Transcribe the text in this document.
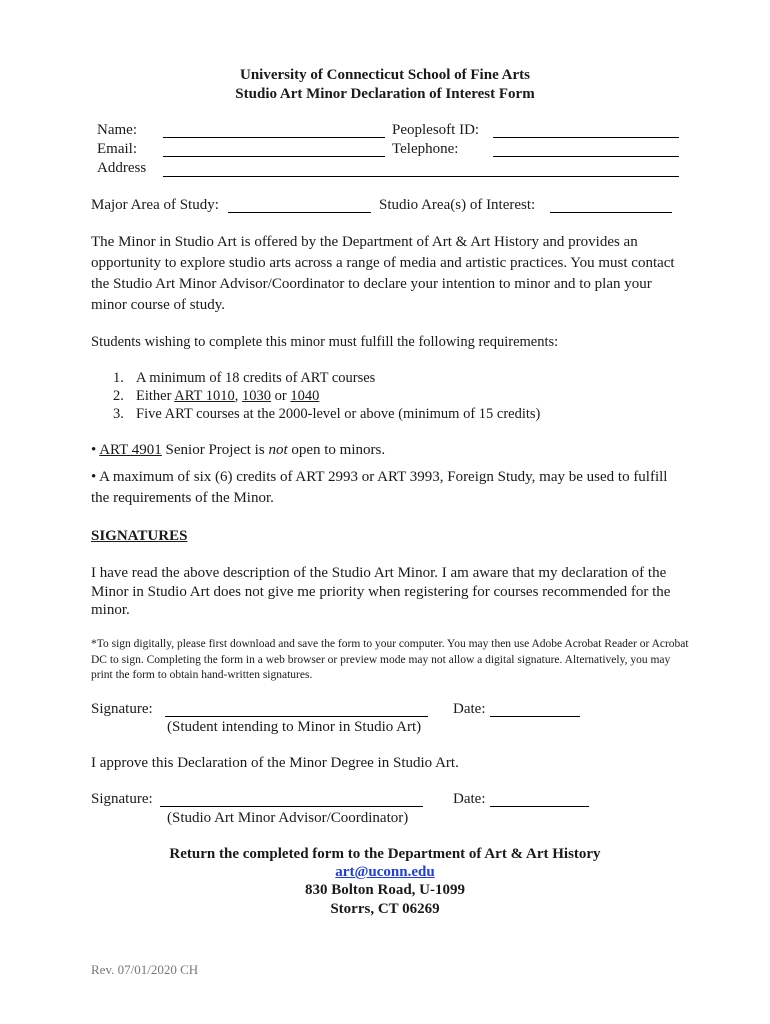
University of Connecticut School of Fine Arts
Studio Art Minor Declaration of Interest Form
Name:	Peoplesoft ID:
Email:	Telephone:
Address
Major Area of Study:	Studio Area(s) of Interest:
The Minor in Studio Art is offered by the Department of Art & Art History and provides an opportunity to explore studio arts across a range of media and artistic practices. You must contact the Studio Art Minor Advisor/Coordinator to declare your intention to minor and to plan your minor course of study.
Students wishing to complete this minor must fulfill the following requirements:
1. A minimum of 18 credits of ART courses
2. Either ART 1010, 1030 or 1040
3. Five ART courses at the 2000-level or above (minimum of 15 credits)
• ART 4901 Senior Project is not open to minors.
• A maximum of six (6) credits of ART 2993 or ART 3993, Foreign Study, may be used to fulfill the requirements of the Minor.
SIGNATURES
I have read the above description of the Studio Art Minor. I am aware that my declaration of the Minor in Studio Art does not give me priority when registering for courses recommended for the minor.
*To sign digitally, please first download and save the form to your computer. You may then use Adobe Acrobat Reader or Acrobat DC to sign. Completing the form in a web browser or preview mode may not allow a digital signature. Alternatively, you may print the form to obtain hand-written signatures.
Signature:	Date:
(Student intending to Minor in Studio Art)
I approve this Declaration of the Minor Degree in Studio Art.
Signature:	Date:
(Studio Art Minor Advisor/Coordinator)
Return the completed form to the Department of Art & Art History
art@uconn.edu
830 Bolton Road, U-1099
Storrs, CT 06269
Rev. 07/01/2020 CH
